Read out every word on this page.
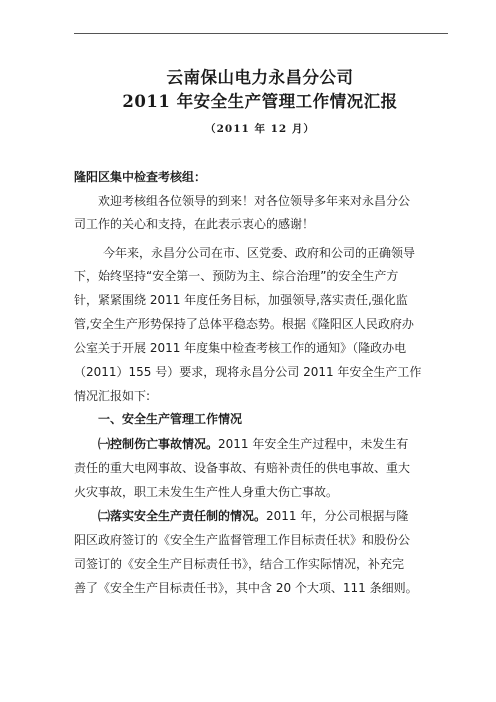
云南保山电力永昌分公司
2011 年安全生产管理工作情况汇报
（2011 年 12 月）
隆阳区集中检查考核组：
欢迎考核组各位领导的到来！对各位领导多年来对永昌分公
司工作的关心和支持，在此表示衷心的感谢！
今年来，永昌分公司在市、区党委、政府和公司的正确领导
下，始终坚持“安全第一、预防为主、综合治理”的安全生产方
针，紧紧围绕 2011 年度任务目标，加强领导,落实责任,强化监
管,安全生产形势保持了总体平稳态势。根据《隆阳区人民政府办
公室关于开展 2011 年度集中检查考核工作的通知》（隆政办电
（2011）155 号）要求，现将永昌分公司 2011 年安全生产工作
情况汇报如下:
一、安全生产管理工作情况
㈠控制伤亡事故情况。2011 年安全生产过程中，未发生有
责任的重大电网事故、设备事故、有赔补责任的供电事故、重大
火灾事故，职工未发生生产性人身重大伤亡事故。
㈡落实安全生产责任制的情况。2011 年，分公司根据与隆
阳区政府签订的《安全生产监督管理工作目标责任状》和股份公
司签订的《安全生产目标责任书》，结合工作实际情况，补充完
善了《安全生产目标责任书》，其中含 20 个大项、111 条细则。
